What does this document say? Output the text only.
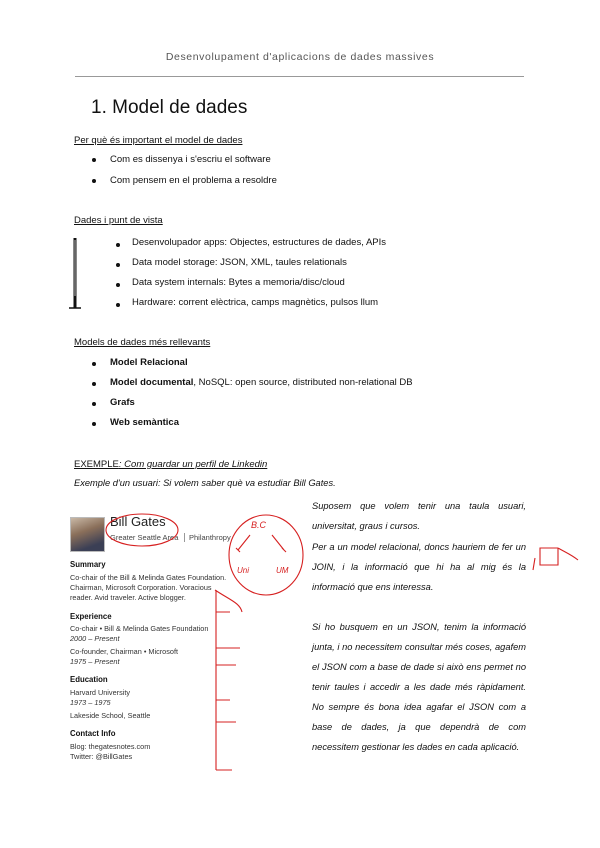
Desenvolupament d'aplicacions de dades massives
1. Model de dades
Per què és important el model de dades
Com es dissenya i s'escriu el software
Com pensem en el problema a resoldre
Dades i punt de vista
Desenvolupador apps: Objectes, estructures de dades, APIs
Data model storage: JSON, XML, taules relationals
Data system internals: Bytes a memoria/disc/cloud
Hardware: corrent elèctrica, camps magnètics, pulsos llum
Models de dades més rellevants
Model Relacional
Model documental, NoSQL: open source, distributed non-relational DB
Grafs
Web semàntica
EXEMPLE: Com guardar un perfil de Linkedin
Exemple d'un usuari: Si volem saber què va estudiar Bill Gates.
Bill Gates
Greater Seattle Area	Philanthropy
Summary
Co-chair of the Bill & Melinda Gates Foundation. Chairman, Microsoft Corporation. Voracious reader. Avid traveler. Active blogger.
Experience
Co-chair • Bill & Melinda Gates Foundation
2000 – Present
Co-founder, Chairman • Microsoft
1975 – Present
Education
Harvard University
1973 – 1975
Lakeside School, Seattle
Contact Info
Blog: thegatesnotes.com
Twitter: @BillGates
Suposem que volem tenir una taula usuari, universitat, graus i cursos.
Per a un model relacional, doncs hauriem de fer un JOIN, i la informació que hi ha al mig és la informació que ens interessa.
Si ho busquem en un JSON, tenim la informació junta, i no necessitem consultar més coses, agafem el JSON com a base de dade si això ens permet no tenir taules i accedir a les dade més ràpidament. No sempre és bona idea agafar el JSON com a base de dades, ja que dependrà de com necessitem gestionar les dades en cada aplicació.
B.C
Uni	UM
